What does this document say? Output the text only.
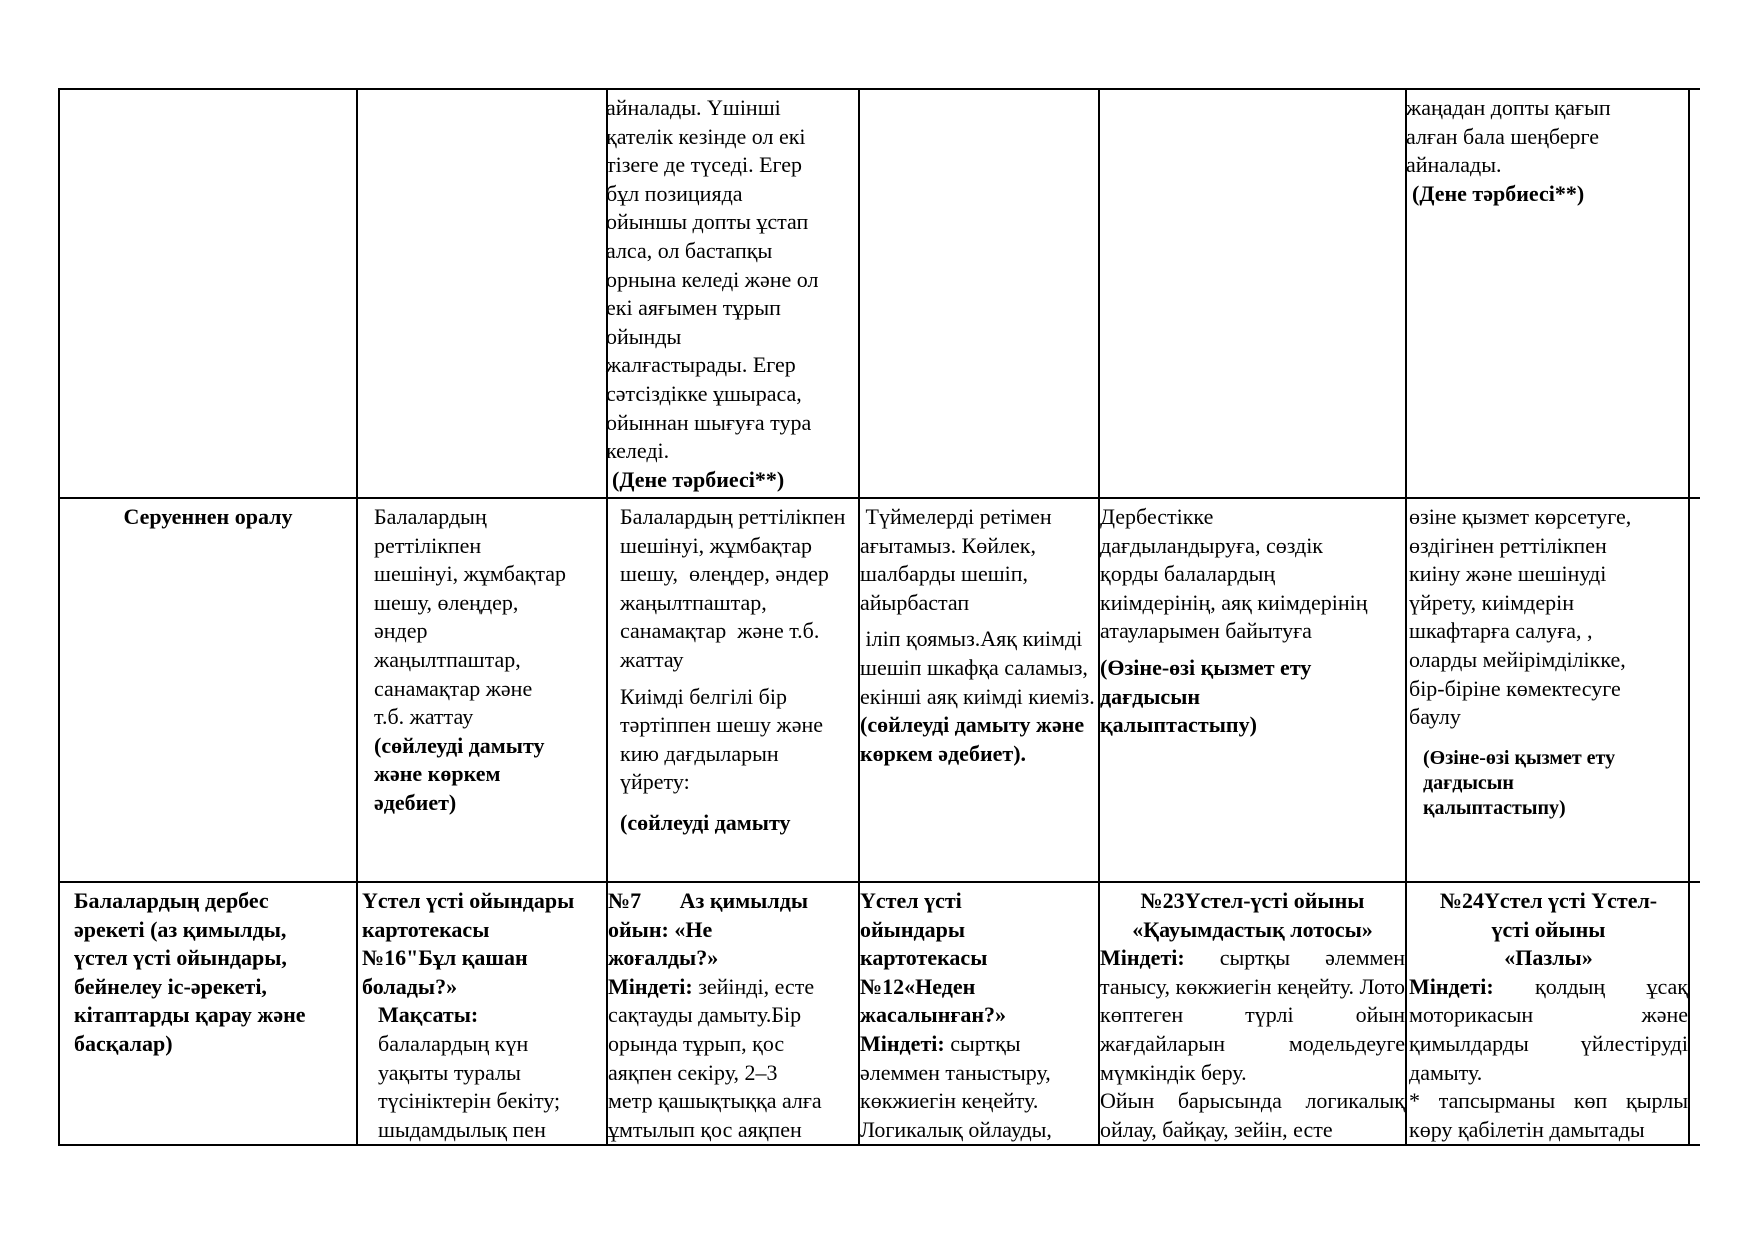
айналады. Үшінші
қателік кезінде ол екі
тізеге де түседі. Егер
бұл позицияда
ойыншы допты ұстап
алса, ол бастапқы
орнына келеді және ол
екі аяғымен тұрып
ойынды
жалғастырады. Егер
сәтсіздікке ұшыраса,
ойыннан шығуға тура
келеді.
(Дене тәрбиесі**)
жаңадан допты қағып
алған бала шеңберге
айналады.
(Дене тәрбиесі**)
Серуеннен оралу	Балалардың
реттілікпен
шешінуі, жұмбақтар
шешу, өлеңдер,
әндер
жаңылтпаштар,
санамақтар және
т.б. жаттау
(сөйлеуді дамыту
және көркем
әдебиет)
Балалардың реттілікпен
шешінуі, жұмбақтар
шешу,  өлеңдер, әндер
жаңылтпаштар,
санамақтар  және т.б.
жаттау
Киімді белгілі бір
тәртіппен шешу және
кию дағдыларын
үйрету:
(сөйлеуді дамыту
Түймелерді ретімен
ағытамыз. Көйлек,
шалбарды шешіп,
айырбастап
іліп қоямыз.Аяқ киімді
шешіп шкафқа саламыз,
екінші аяқ киімді киеміз.
(сөйлеуді дамыту және
көркем әдебиет).
Дербестікке
дағдыландыруға, сөздік
қорды балалардың
киімдерінің, аяқ киімдерінің
атауларымен байытуға
(Өзіне-өзі қызмет ету
дағдысын
қалыптастыпу)
өзіне қызмет көрсетуге,
өздігінен реттілікпен
киіну және шешінуді
үйрету, киімдерін
шкафтарға салуға, ,
оларды мейірімділікке,
бір-біріне көмектесуге
баулу
(Өзіне-өзі қызмет ету
дағдысын
қалыптастыпу)
Балалардың дербес
әрекеті (аз қимылды,
үстел үсті ойындары,
бейнелеу іс-әрекеті,
кітаптарды қарау және
басқалар)
Үстел үсті ойындары
картотекасы
№16"Бұл қашан
болады?»
Мақсаты:
балалардың күн
уақыты туралы
түсініктерін бекіту;
шыдамдылық пен
№7       Аз қимылды
ойын: «Не
жоғалды?»
Міндеті: зейінді, есте
сақтауды дамыту.Бір
орында тұрып, қос
аяқпен секіру, 2–3
метр қашықтыққа алға
ұмтылып қос аяқпен
Үстел үсті
ойындары
картотекасы
№12«Неден
жасалынған?»
Міндеті: сыртқы
әлеммен таныстыру,
көкжиегін кеңейту.
Логикалық ойлауды,
№23Үстел-үсті ойыны
«Қауымдастық лотосы»
Міндеті: сыртқы әлеммен танысу, көкжиегін кеңейту. Лото көптеген түрлі ойын жағдайларын модельдеуге мүмкіндік беру.
Ойын барысында логикалық ойлау, байқау, зейін, есте
№24Үстел үсті Үстел-
үсті ойыны
«Пазлы»
Міндеті: қолдың ұсақ моторикасын және қимылдарды үйлестіруді дамыту.
* тапсырманы көп қырлы көру қабілетін дамытады
